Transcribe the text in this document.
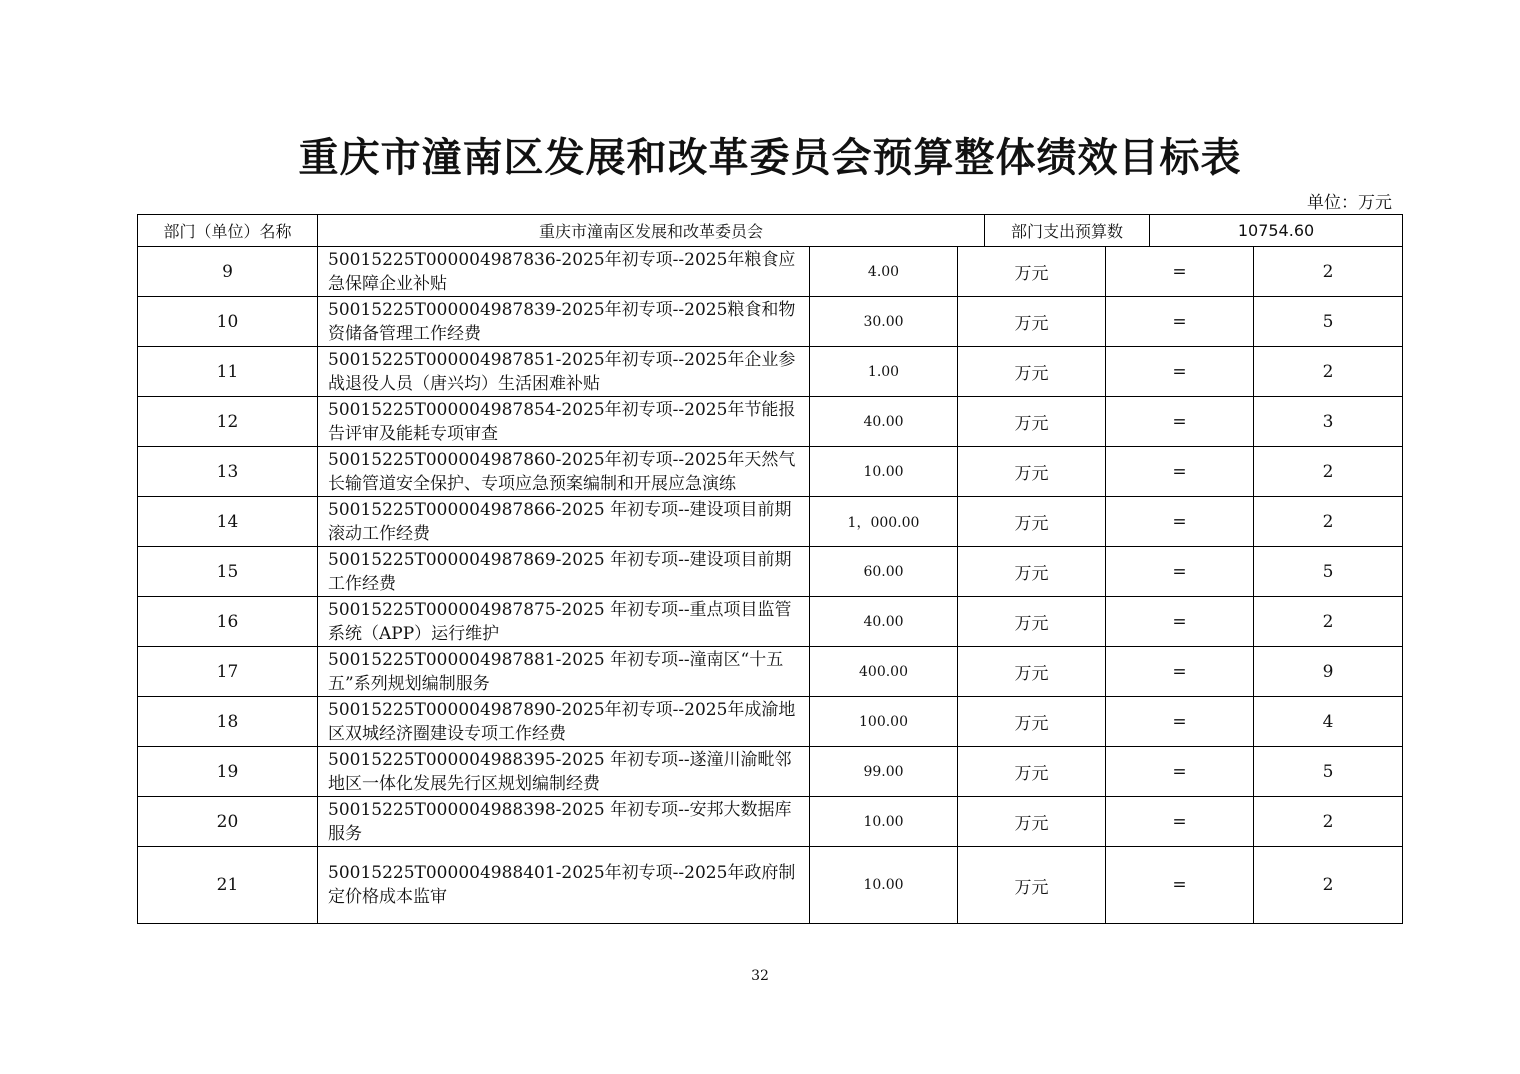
重庆市潼南区发展和改革委员会预算整体绩效目标表
单位：万元
部门（单位）名称	重庆市潼南区发展和改革委员会	部门支出预算数	10754.60
9	50015225T000004987836-2025年初专项--2025年粮食应急保障企业补贴	4.00	万元	=	2
10	50015225T000004987839-2025年初专项--2025粮食和物资储备管理工作经费	30.00	万元	=	5
11	50015225T000004987851-2025年初专项--2025年企业参战退役人员（唐兴均）生活困难补贴	1.00	万元	=	2
12	50015225T000004987854-2025年初专项--2025年节能报告评审及能耗专项审查	40.00	万元	=	3
13	50015225T000004987860-2025年初专项--2025年天然气长输管道安全保护、专项应急预案编制和开展应急演练	10.00	万元	=	2
14	50015225T000004987866-2025 年初专项--建设项目前期滚动工作经费	1，000.00	万元	=	2
15	50015225T000004987869-2025 年初专项--建设项目前期工作经费	60.00	万元	=	5
16	50015225T000004987875-2025 年初专项--重点项目监管系统（APP）运行维护	40.00	万元	=	2
17	50015225T000004987881-2025 年初专项--潼南区“十五五”系列规划编制服务	400.00	万元	=	9
18	50015225T000004987890-2025年初专项--2025年成渝地区双城经济圈建设专项工作经费	100.00	万元	=	4
19	50015225T000004988395-2025 年初专项--遂潼川渝毗邻地区一体化发展先行区规划编制经费	99.00	万元	=	5
20	50015225T000004988398-2025 年初专项--安邦大数据库服务	10.00	万元	=	2
21	50015225T000004988401-2025年初专项--2025年政府制定价格成本监审	10.00	万元	=	2
32
